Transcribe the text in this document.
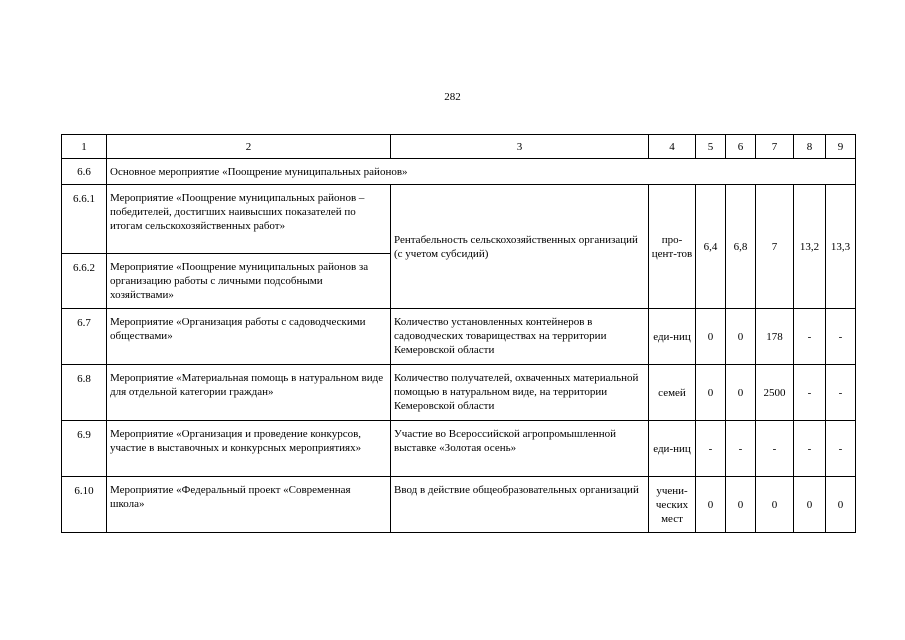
282
1	2	3	4	5	6	7	8	9
6.6	Основное мероприятие «Поощрение муниципальных районов»							
6.6.1	Мероприятие «Поощрение муниципальных районов – победителей, достигших наивысших показателей по итогам сельскохозяйственных работ»	Рентабельность сельскохозяйственных организаций (с учетом субсидий)	про-цент-тов	6,4	6,8	7	13,2	13,3
6.6.2	Мероприятие «Поощрение муниципальных районов за организацию работы с личными подсобными хозяйствами»							
6.7	Мероприятие «Организация работы с садоводческими обществами»	Количество установленных контейнеров в садоводческих товариществах на территории Кемеровской области	еди-ниц	0	0	178	-	-
6.8	Мероприятие «Материальная помощь в натуральном виде для отдельной категории граждан»	Количество получателей, охваченных материальной помощью в натуральном виде, на территории Кемеровской области	семей	0	0	2500	-	-
6.9	Мероприятие «Организация и проведение конкурсов, участие в выставочных и конкурсных мероприятиях»	Участие во Всероссийской агропромышленной выставке «Золотая осень»	еди-ниц	-	-	-	-	-
6.10	Мероприятие «Федеральный проект «Современная школа»	Ввод в действие общеобразовательных организаций	учени-ческих мест	0	0	0	0	0
